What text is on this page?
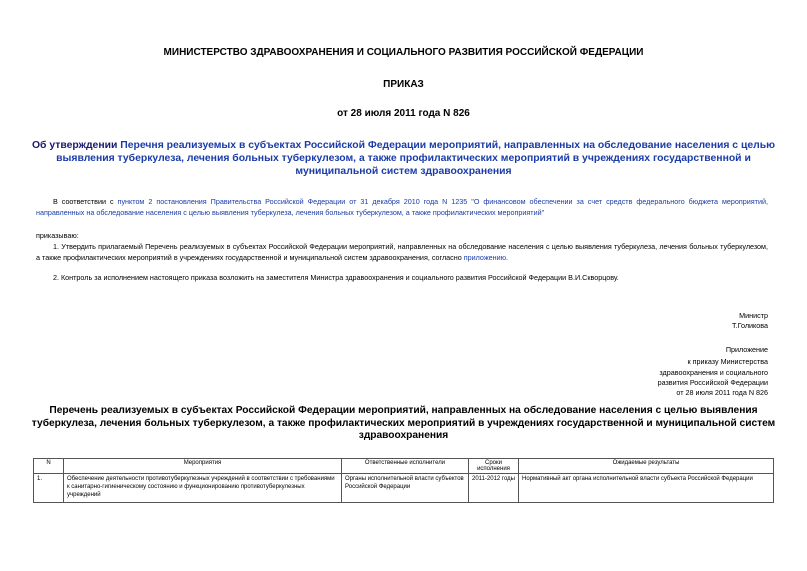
МИНИСТЕРСТВО ЗДРАВООХРАНЕНИЯ И СОЦИАЛЬНОГО РАЗВИТИЯ РОССИЙСКОЙ ФЕДЕРАЦИИ
ПРИКАЗ
от 28 июля 2011 года N 826
Об утверждении Перечня реализуемых в субъектах Российской Федерации мероприятий, направленных на обследование населения с целью выявления туберкулеза, лечения больных туберкулезом, а также профилактических мероприятий в учреждениях государственной и муниципальной систем здравоохранения
В соответствии с пунктом 2 постановления Правительства Российской Федерации от 31 декабря 2010 года N 1235 "О финансовом обеспечении за счет средств федерального бюджета мероприятий, направленных на обследование населения с целью выявления туберкулеза, лечения больных туберкулезом, а также профилактических мероприятий"
приказываю:
1. Утвердить прилагаемый Перечень реализуемых в субъектах Российской Федерации мероприятий, направленных на обследование населения с целью выявления туберкулеза, лечения больных туберкулезом, а также профилактических мероприятий в учреждениях государственной и муниципальной систем здравоохранения, согласно приложению.
2. Контроль за исполнением настоящего приказа возложить на заместителя Министра здравоохранения и социального развития Российской Федерации В.И.Скворцову.
Министр
Т.Голикова
Приложение
к приказу Министерства
здравоохранения и социального
развития Российской Федерации
от 28 июля 2011 года N 826
Перечень реализуемых в субъектах Российской Федерации мероприятий, направленных на обследование населения с целью выявления туберкулеза, лечения больных туберкулезом, а также профилактических мероприятий в учреждениях государственной и муниципальной систем здравоохранения
N	Мероприятия	Ответственные исполнители	Сроки исполнения	Ожидаемые результаты
1.	Обеспечение деятельности противотуберкулезных учреждений в соответствии с требованиями к санитарно-гигиеническому состоянию и функционированию противотуберкулезных учреждений	Органы исполнительной власти субъектов Российской Федерации	2011-2012 годы	Нормативный акт органа исполнительной власти субъекта Российской Федерации
